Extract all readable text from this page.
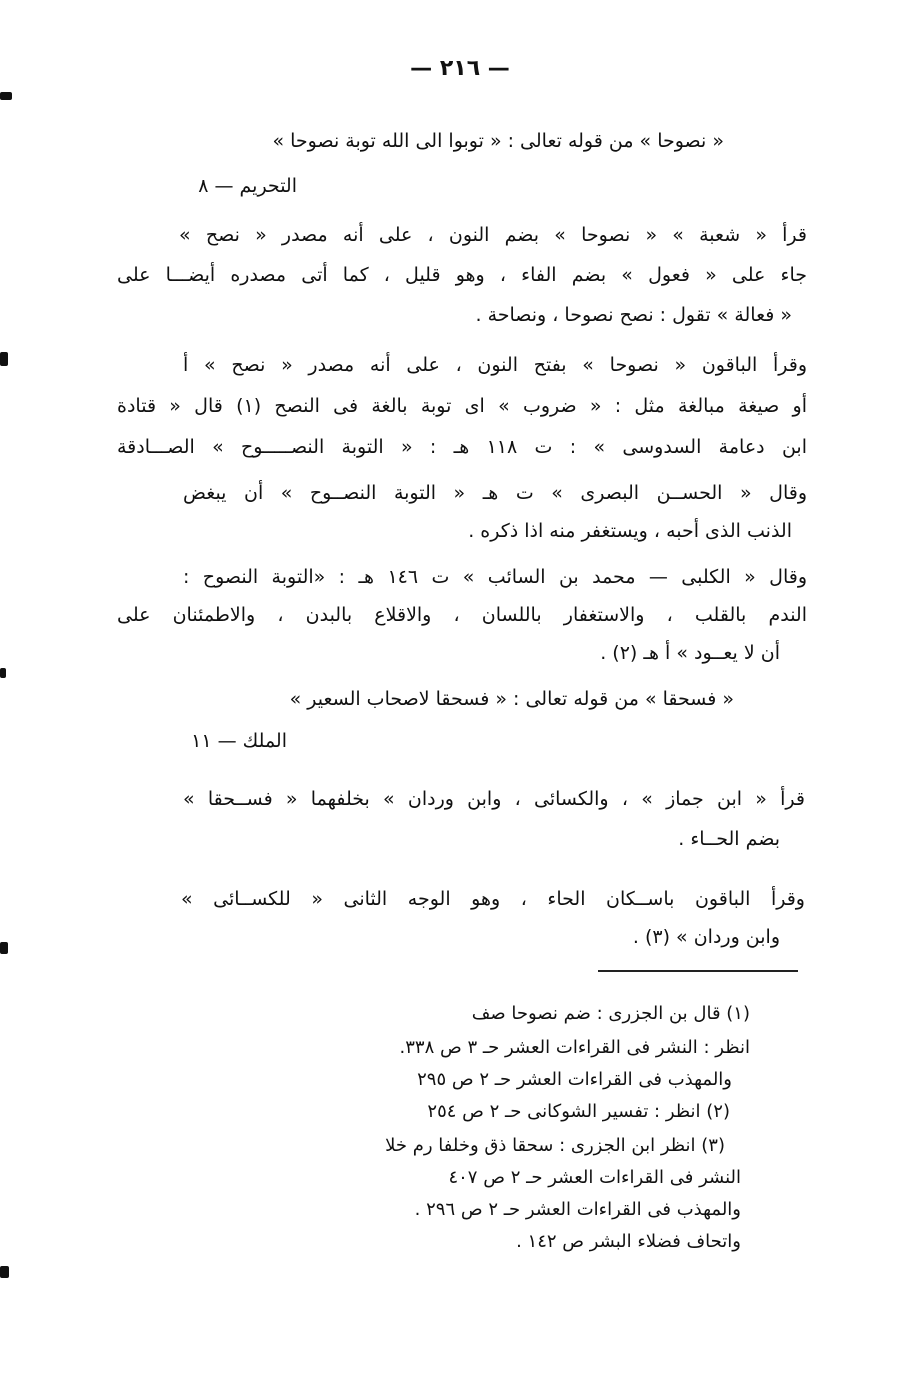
— ٢١٦ —
« نصوحا » من قوله تعالى : « توبوا الى الله توبة نصوحا »
التحريم — ٨
قرأ « شعبة » « نصوحا » بضم النون ، على أنه مصدر « نصح »
جاء على « فعول » بضم الفاء ، وهو قليل ، كما أتى مصدره أيضـــا على
« فعالة » تقول : نصح نصوحا ، ونصاحة .
وقرأ الباقون « نصوحا » بفتح النون ، على أنه مصدر « نصح » أ
أو صيغة مبالغة مثل : « ضروب » اى توبة بالغة فى النصح (١) قال « قتادة
ابن دعامة السدوسى » : ت ١١٨ هـ : « التوبة النصـــــوح » الصـــادقة
وقال « الحســن البصرى » ت هـ « التوبة النصــوح » أن يبغض
الذنب الذى أحبه ، ويستغفر منه اذا ذكره .
وقال « الكلبى — محمد بن السائب » ت ١٤٦ هـ : «التوبة النصوح :
الندم بالقلب ، والاستغفار باللسان ، والاقلاع بالبدن ، والاطمئنان على
أن لا يعــود » أ هـ (٢) .
« فسحقا » من قوله تعالى : « فسحقا لاصحاب السعير »
الملك — ١١
قرأ « ابن جماز » ، والكسائى ، وابن وردان » بخلفهما « فســحقا »
بضم الحــاء .
وقرأ الباقون باســكان الحاء ، وهو الوجه الثانى « للكســائى »
وابن وردان » (٣) .
(١) قال بن الجزرى : ضم نصوحا صف
انظر : النشر فى القراءات العشر حـ ٣ ص ٣٣٨.
والمهذب فى القراءات العشر حـ ٢ ص ٢٩٥
(٢) انظر : تفسير الشوكانى حـ ٢ ص ٢٥٤
(٣) انظر ابن الجزرى : سحقا ذق وخلفا رم خلا
النشر فى القراءات العشر حـ ٢ ص ٤٠٧
والمهذب فى القراءات العشر حـ ٢ ص ٢٩٦ .
واتحاف فضلاء البشر ص ١٤٢ .
